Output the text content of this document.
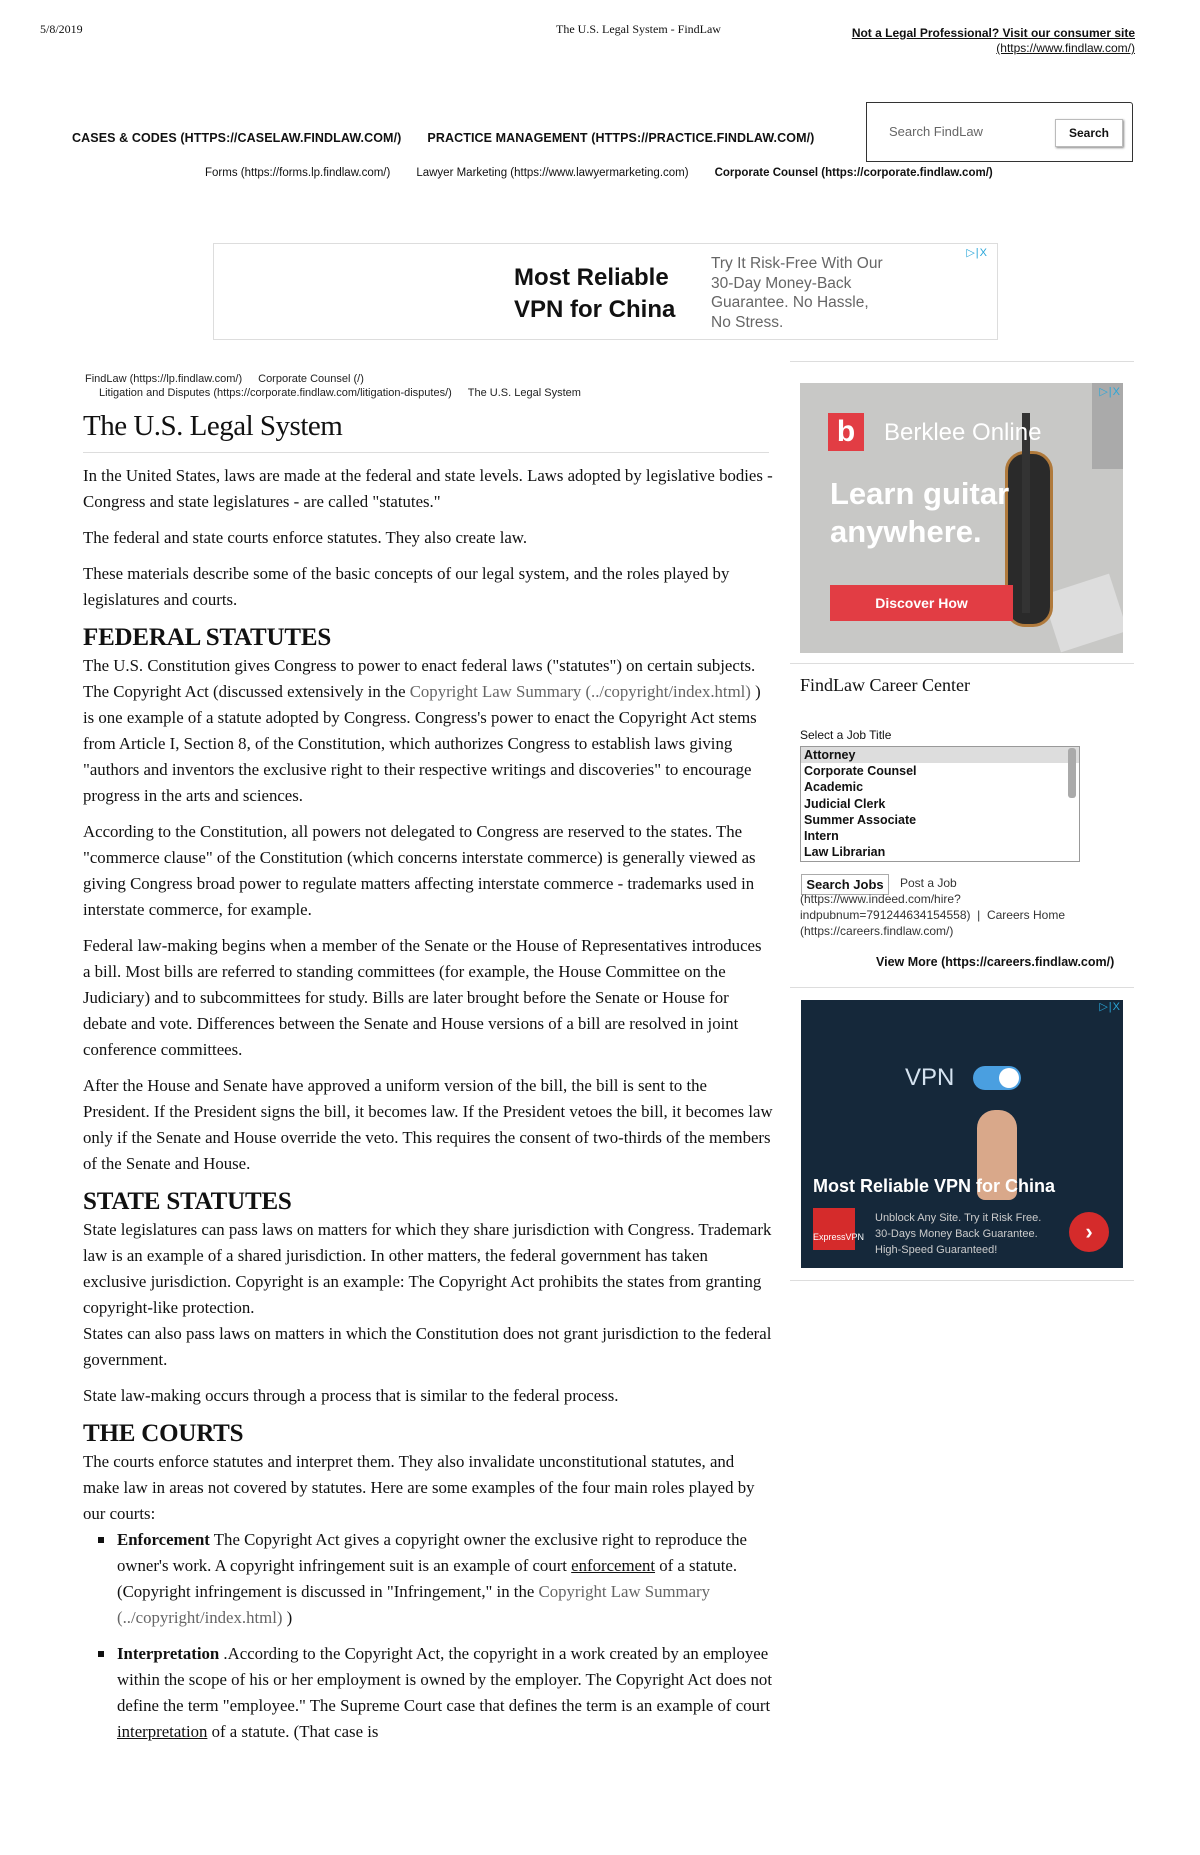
5/8/2019	The U.S. Legal System - FindLaw	Not a Legal Professional? Visit our consumer site
(https://www.findlaw.com/)
CASES & CODES (HTTPS://CASELAW.FINDLAW.COM/) PRACTICE MANAGEMENT (HTTPS://PRACTICE.FINDLAW.COM/)
Forms (https://forms.lp.findlaw.com/) Lawyer Marketing (https://www.lawyermarketing.com) Corporate Counsel (https://corporate.findlaw.com/)
Search FindLaw	Search
Most Reliable
VPN for China
Try It Risk-Free With Our
30-Day Money-Back
Guarantee. No Hassle,
No Stress.
▷|X
b	Berklee Online
Learn guitar
anywhere.
Discover How
▷|X
FindLaw Career Center
Select a Job Title
Attorney
Corporate Counsel
Academic
Judicial Clerk
Summer Associate
Intern
Law Librarian
Search Jobs	Post a Job
(https://www.indeed.com/hire?
indpubnum=791244634154558) | Careers Home
(https://careers.findlaw.com/)
View More (https://careers.findlaw.com/)
VPN
Most Reliable VPN for China
ExpressVPN
Unblock Any Site. Try it Risk Free.
30-Days Money Back Guarantee.
High-Speed Guaranteed!
›
▷|X
FindLaw (https://lp.findlaw.com/) Corporate Counsel (/)
Litigation and Disputes (https://corporate.findlaw.com/litigation-disputes/) The U.S. Legal System
The U.S. Legal System

In the United States, laws are made at the federal and state levels. Laws adopted by legislative bodies - Congress and state legislatures - are called "statutes."

The federal and state courts enforce statutes. They also create law.

These materials describe some of the basic concepts of our legal system, and the roles played by legislatures and courts.

FEDERAL STATUTES

The U.S. Constitution gives Congress to power to enact federal laws ("statutes") on certain subjects.

The Copyright Act (discussed extensively in the Copyright Law Summary (../copyright/index.html) ) is one example of a statute adopted by Congress. Congress's power to enact the Copyright Act stems from Article I, Section 8, of the Constitution, which authorizes Congress to establish laws giving "authors and inventors the exclusive right to their respective writings and discoveries" to encourage progress in the arts and sciences.

According to the Constitution, all powers not delegated to Congress are reserved to the states. The "commerce clause" of the Constitution (which concerns interstate commerce) is generally viewed as giving Congress broad power to regulate matters affecting interstate commerce - trademarks used in interstate commerce, for example.

Federal law-making begins when a member of the Senate or the House of Representatives introduces a bill. Most bills are referred to standing committees (for example, the House Committee on the Judiciary) and to subcommittees for study. Bills are later brought before the Senate or House for debate and vote. Differences between the Senate and House versions of a bill are resolved in joint conference committees.

After the House and Senate have approved a uniform version of the bill, the bill is sent to the President. If the President signs the bill, it becomes law. If the President vetoes the bill, it becomes law only if the Senate and House override the veto. This requires the consent of two-thirds of the members of the Senate and House.

STATE STATUTES

State legislatures can pass laws on matters for which they share jurisdiction with Congress. Trademark law is an example of a shared jurisdiction. In other matters, the federal government has taken exclusive jurisdiction. Copyright is an example: The Copyright Act prohibits the states from granting copyright-like protection.

States can also pass laws on matters in which the Constitution does not grant jurisdiction to the federal government.

State law-making occurs through a process that is similar to the federal process.

THE COURTS

The courts enforce statutes and interpret them. They also invalidate unconstitutional statutes, and make law in areas not covered by statutes. Here are some examples of the four main roles played by our courts:

Enforcement The Copyright Act gives a copyright owner the exclusive right to reproduce the owner's work. A copyright infringement suit is an example of court enforcement of a statute. (Copyright infringement is discussed in "Infringement," in the Copyright Law Summary (../copyright/index.html) )
Interpretation .According to the Copyright Act, the copyright in a work created by an employee within the scope of his or her employment is owned by the employer. The Copyright Act does not define the term "employee." The Supreme Court case that defines the term is an example of court interpretation of a statute. (That case is
